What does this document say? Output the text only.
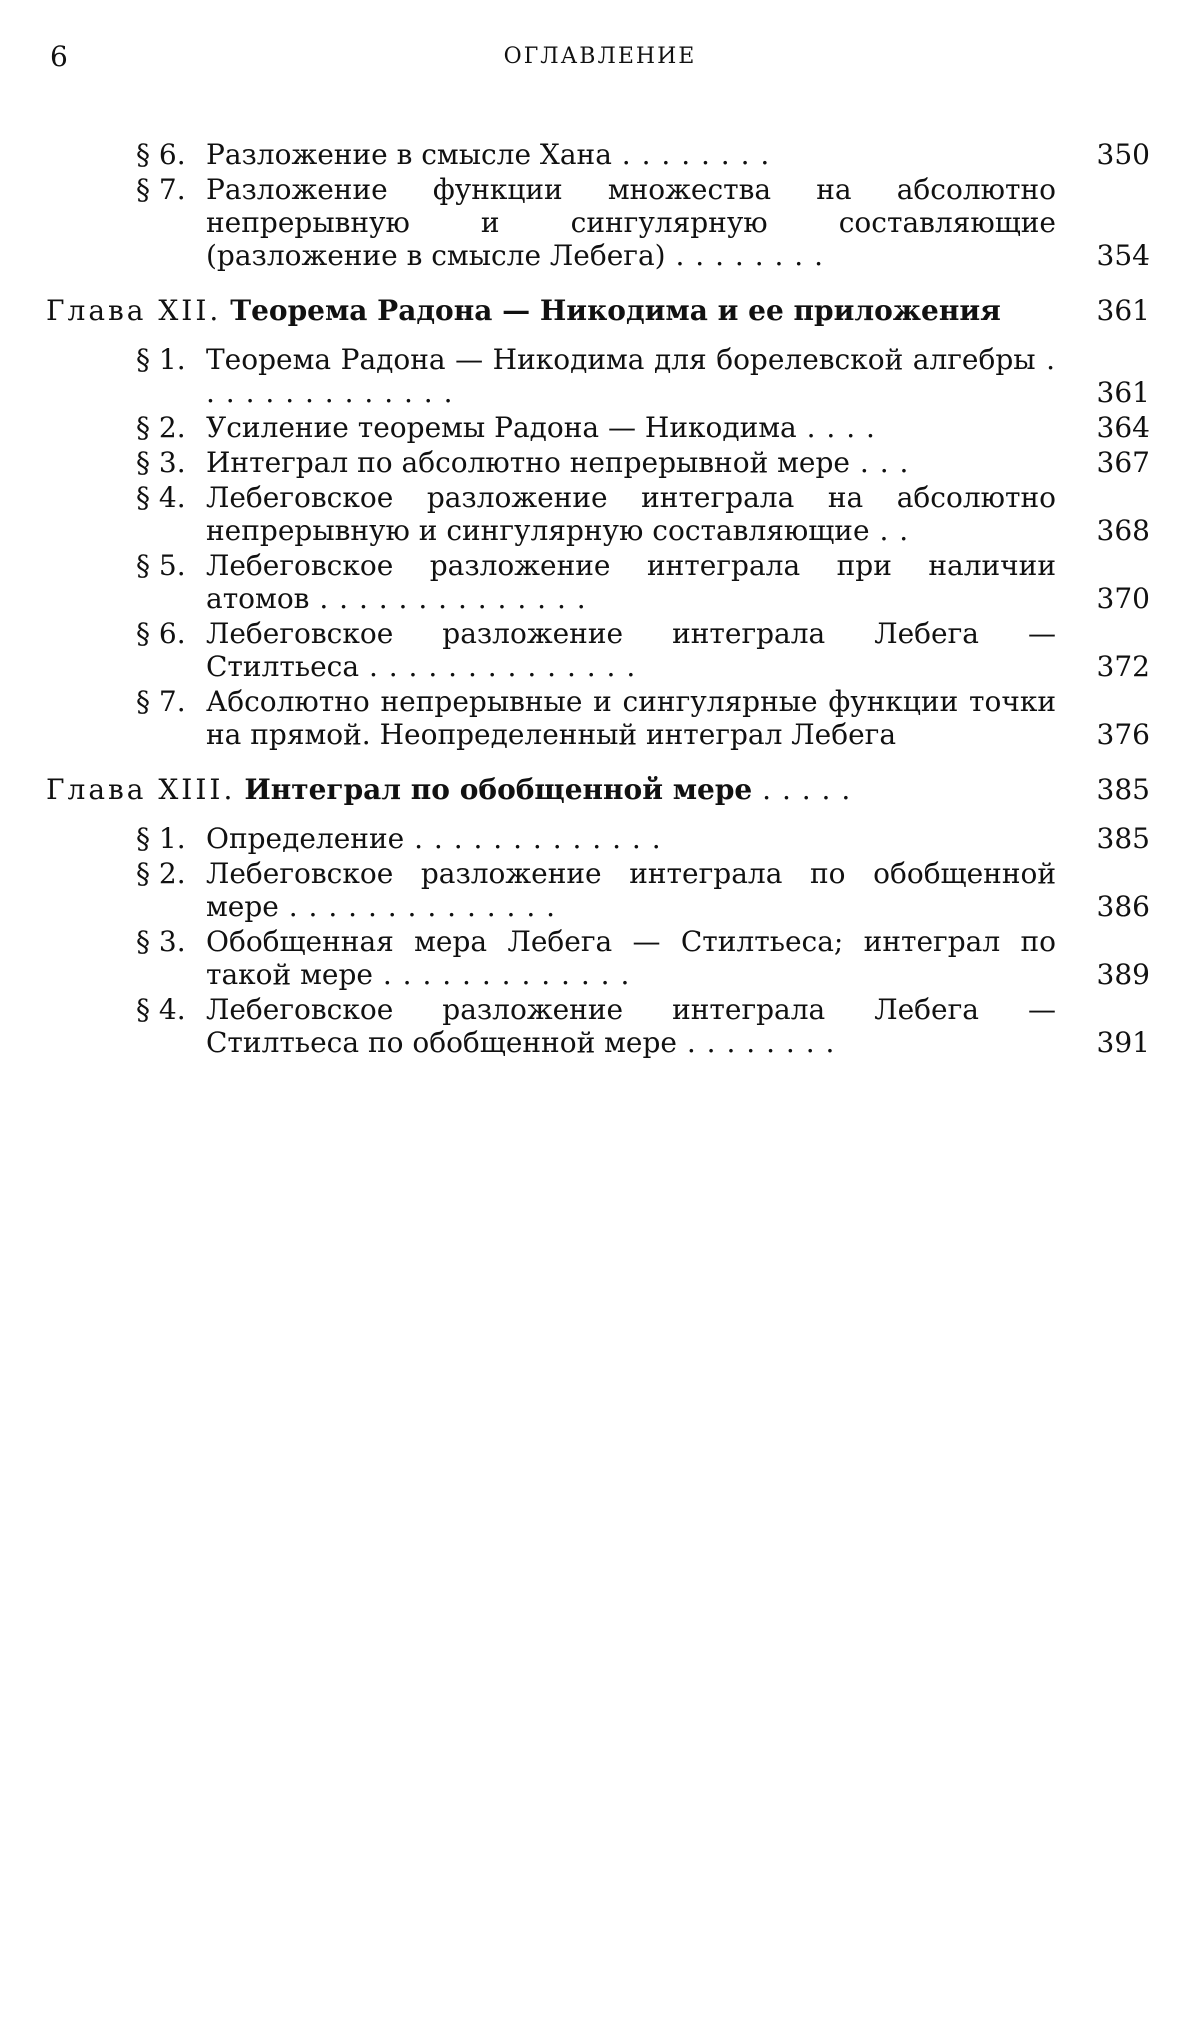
6	ОГЛАВЛЕНИЕ
§ 6. Разложение в смысле Хана . . . . . . . .	350
§ 7. Разложение функции множества на абсолютно непрерывную и сингулярную составляющие (разложение в смысле Лебега) . . . . . . . .	354
Глава XII. Теорема Радона — Никодима и ее приложения	361
§ 1. Теорема Радона — Никодима для борелевской алгебры . . . . . . . . . . . . . .	361
§ 2. Усиление теоремы Радона — Никодима . . . .	364
§ 3. Интеграл по абсолютно непрерывной мере . . .	367
§ 4. Лебеговское разложение интеграла на абсолютно непрерывную и сингулярную составляющие . .	368
§ 5. Лебеговское разложение интеграла при наличии атомов . . . . . . . . . . . . . .	370
§ 6. Лебеговское разложение интеграла Лебега — Стилтьеса . . . . . . . . . . . . . .	372
§ 7. Абсолютно непрерывные и сингулярные функции точки на прямой. Неопределенный интеграл Лебега	376
Глава XIII. Интеграл по обобщенной мере . . . . .	385
§ 1. Определение . . . . . . . . . . . . .	385
§ 2. Лебеговское разложение интеграла по обобщенной мере . . . . . . . . . . . . . .	386
§ 3. Обобщенная мера Лебега — Стилтьеса; интеграл по такой мере . . . . . . . . . . . . .	389
§ 4. Лебеговское разложение интеграла Лебега — Стилтьеса по обобщенной мере . . . . . . . .	391
